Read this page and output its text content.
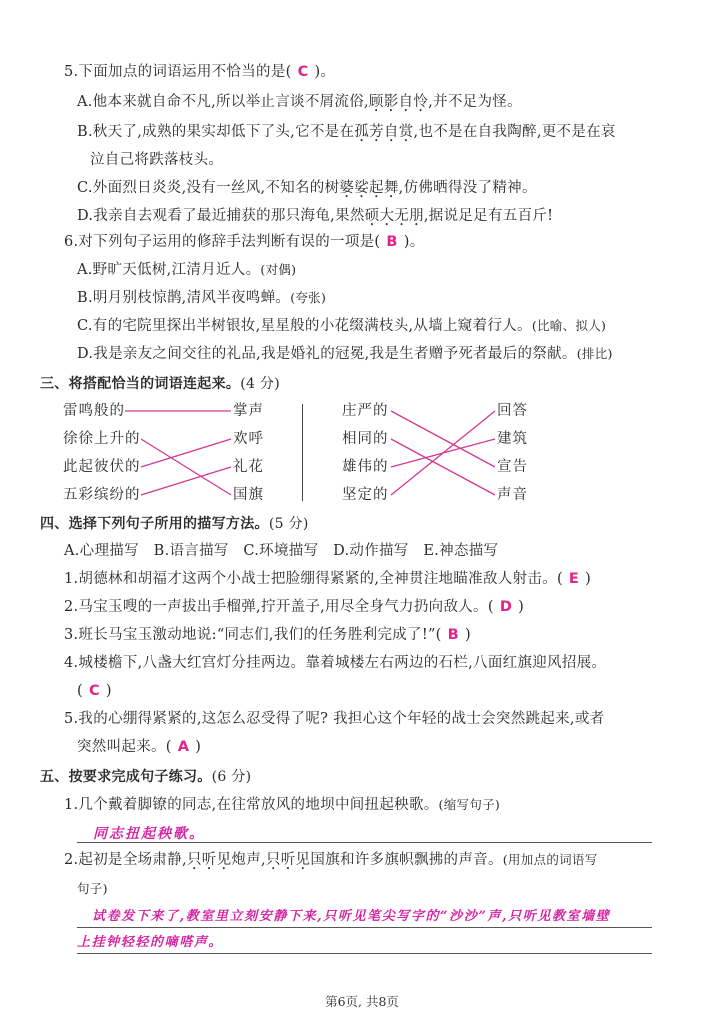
5.下面加点的词语运用不恰当的是( C )。
A.他本来就自命不凡,所以举止言谈不屑流俗,顾影自怜,并不足为怪。
B.秋天了,成熟的果实却低下了头,它不是在孤芳自赏,也不是在自我陶醉,更不是在哀
泣自己将跌落枝头。
C.外面烈日炎炎,没有一丝风,不知名的树婆娑起舞,仿佛晒得没了精神。
D.我亲自去观看了最近捕获的那只海龟,果然硕大无朋,据说足足有五百斤!
6.对下列句子运用的修辞手法判断有误的一项是( B )。
A.野旷天低树,江清月近人。(对偶)
B.明月别枝惊鹊,清风半夜鸣蝉。(夸张)
C.有的宅院里探出半树银妆,星星般的小花缀满枝头,从墙上窥着行人。(比喻、拟人)
D.我是亲友之间交往的礼品,我是婚礼的冠冕,我是生者赠予死者最后的祭献。(排比)
三、将搭配恰当的词语连起来。(4 分)
雷鸣般的
徐徐上升的
此起彼伏的
五彩缤纷的
掌声
欢呼
礼花
国旗
庄严的
相同的
雄伟的
坚定的
回答
建筑
宣告
声音
四、选择下列句子所用的描写方法。(5 分)
A.心理描写   B.语言描写   C.环境描写   D.动作描写   E.神态描写
1.胡德林和胡福才这两个小战士把脸绷得紧紧的,全神贯注地瞄准敌人射击。( E )
2.马宝玉嗖的一声拔出手榴弹,拧开盖子,用尽全身气力扔向敌人。( D )
3.班长马宝玉激动地说:“同志们,我们的任务胜利完成了!”( B )
4.城楼檐下,八盏大红宫灯分挂两边。靠着城楼左右两边的石栏,八面红旗迎风招展。
( C )
5.我的心绷得紧紧的,这怎么忍受得了呢? 我担心这个年轻的战士会突然跳起来,或者
突然叫起来。( A )
五、按要求完成句子练习。(6 分)
1.几个戴着脚镣的同志,在往常放风的地坝中间扭起秧歌。(缩写句子)
同志扭起秧歌。
2.起初是全场肃静,只听见炮声,只听见国旗和许多旗帜飘拂的声音。(用加点的词语写
句子)
试卷发下来了,教室里立刻安静下来,只听见笔尖写字的“沙沙”声,只听见教室墙壁
上挂钟轻轻的嘀嗒声。
第6页, 共8页
